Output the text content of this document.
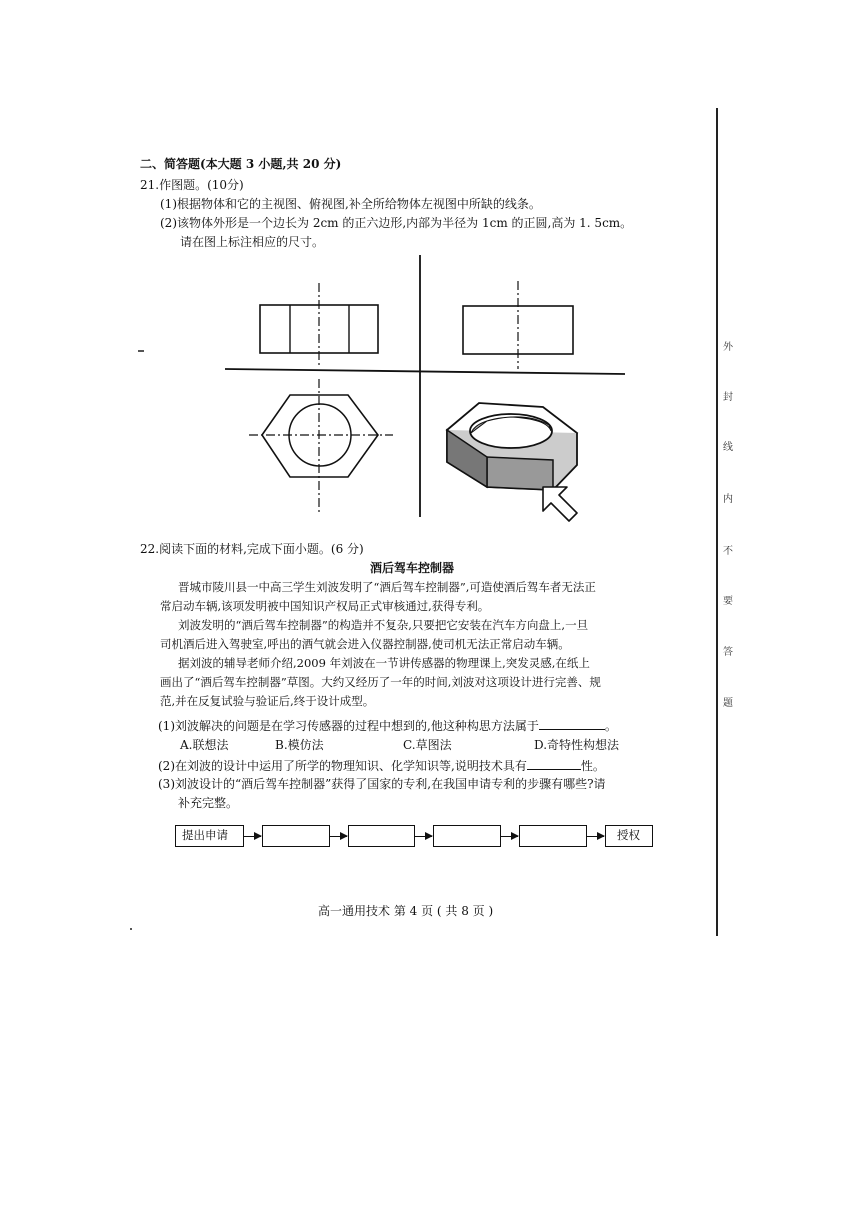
外
封
线
内
不
要
答
题
二、简答题(本大题 3 小题,共 20 分)
21.作图题。(10分)
(1)根据物体和它的主视图、俯视图,补全所给物体左视图中所缺的线条。
(2)该物体外形是一个边长为 2cm 的正六边形,内部为半径为 1cm 的正圆,高为 1. 5cm。
请在图上标注相应的尺寸。
22.阅读下面的材料,完成下面小题。(6 分)
酒后驾车控制器
晋城市陵川县一中高三学生刘波发明了“酒后驾车控制器”,可造使酒后驾车者无法正
常启动车辆,该项发明被中国知识产权局正式审核通过,获得专利。
刘波发明的“酒后驾车控制器”的构造并不复杂,只要把它安装在汽车方向盘上,一旦
司机酒后进入驾驶室,呼出的酒气就会进入仪器控制器,使司机无法正常启动车辆。
据刘波的辅导老师介绍,2009 年刘波在一节讲传感器的物理课上,突发灵感,在纸上
画出了“酒后驾车控制器”草图。大约又经历了一年的时间,刘波对这项设计进行完善、规
范,并在反复试验与验证后,终于设计成型。
(1)刘波解决的问题是在学习传感器的过程中想到的,他这种构思方法属于	。
A.联想法	B.模仿法	C.草图法	D.奇特性构想法
(2)在刘波的设计中运用了所学的物理知识、化学知识等,说明技术具有	性。
(3)刘波设计的“酒后驾车控制器”获得了国家的专利,在我国申请专利的步骤有哪些?请
补充完整。
提出申请	授权
高一通用技术 第 4 页 ( 共 8 页 )
